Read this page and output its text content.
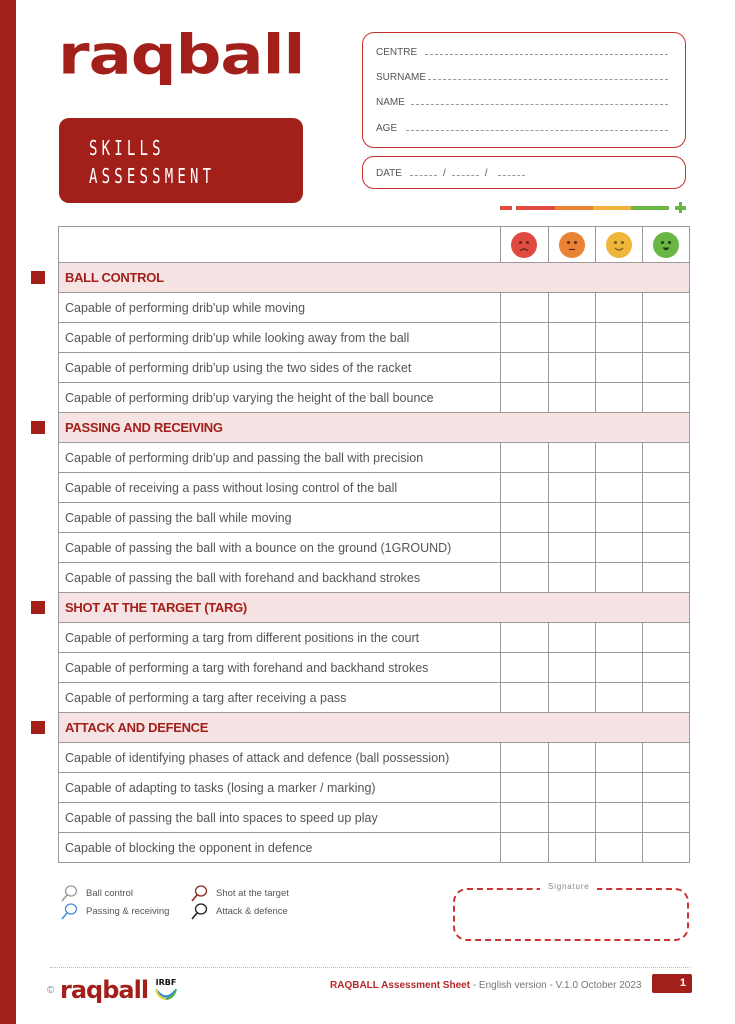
raqball
SKILLS
ASSESSMENT
CENTRE
SURNAME
NAME
AGE
DATE	/	/

BALL CONTROL				
Capable of performing drib'up while moving				
Capable of performing drib'up while looking away from the ball				
Capable of performing drib'up using the two sides of the racket				
Capable of performing drib'up varying the height of the ball bounce				
PASSING AND RECEIVING				
Capable of performing drib'up and passing the ball with precision				
Capable of receiving a pass without losing control of the ball				
Capable of passing the ball while moving				
Capable of passing the ball with a bounce on the ground (1GROUND)				
Capable of passing the ball with forehand and backhand strokes				
SHOT AT THE TARGET (TARG)				
Capable of performing a targ from different positions in the court				
Capable of performing a targ with forehand and backhand strokes				
Capable of performing a targ after receiving a pass				
ATTACK AND DEFENCE				
Capable of identifying phases of attack and defence (ball possession)				
Capable of adapting to tasks (losing a marker / marking)				
Capable of passing the ball into spaces to speed up play				
Capable of blocking the opponent in defence				
Ball control
Passing & receiving
Shot at the target
Attack & defence
Signature
© raqball IRBF	RAQBALL Assessment Sheet - English version - V.1.0 October 2023	1
